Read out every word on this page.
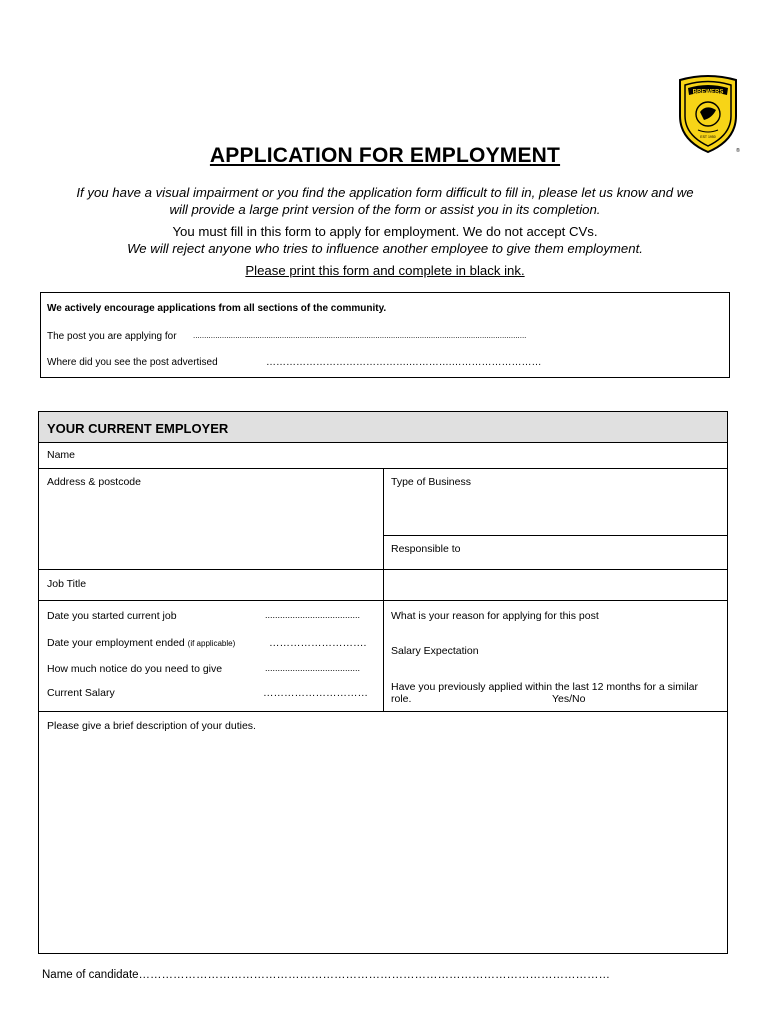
BREWERS
EST 1950
®
APPLICATION FOR EMPLOYMENT
If you have a visual impairment or you find the application form difficult to fill in, please let us know and we
will provide a large print version of the form or assist you in its completion.
You must fill in this form to apply for employment. We do not accept CVs.
We will reject anyone who tries to influence another employee to give them employment.
Please print this form and complete in black ink.
We actively encourage applications from all sections of the community.
The post you are applying for ......................................................................................................................................................
Where did you see the post advertised	…………………………………….………….………………………
YOUR CURRENT EMPLOYER
Name
Address & postcode	Type of Business
Responsible to
Job Title
Date you started current job	......................................
Date your employment ended (if applicable)	……………………….
How much notice do you need to give	......................................
Current Salary	…………………………
What is your reason for applying for this post
Salary Expectation
Have you previously applied within the last 12 months for a similar
role.	Yes/No
Please give a brief description of your duties.
Name of candidate……………………………………………………………………………………………………………
